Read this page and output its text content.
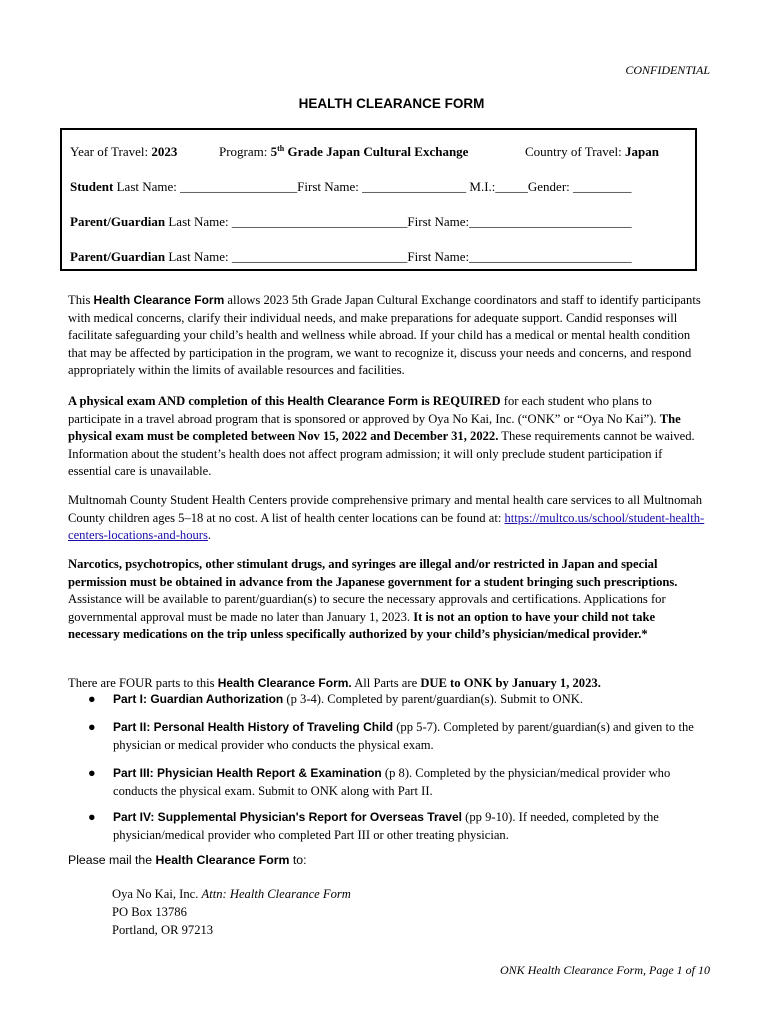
CONFIDENTIAL
HEALTH CLEARANCE FORM

Year of Travel: 2023

	Program: 5th Grade Japan Cultural Exchange

	Country of Travel: Japan

Student Last Name: __________________First Name: ________________ M.I.:_____Gender: _________
Parent/Guardian Last Name: ___________________________First Name:_________________________
Parent/Guardian Last Name: ___________________________First Name:_________________________
This Health Clearance Form allows 2023 5th Grade Japan Cultural Exchange coordinators and staff to identify participants with medical concerns, clarify their individual needs, and make preparations for adequate support. Candid responses will facilitate safeguarding your child’s health and wellness while abroad. If your child has a medical or mental health condition that may be affected by participation in the program, we want to recognize it, discuss your needs and concerns, and respond appropriately within the limits of available resources and facilities.
A physical exam AND completion of this Health Clearance Form is REQUIRED for each student who plans to participate in a travel abroad program that is sponsored or approved by Oya No Kai, Inc. (“ONK” or “Oya No Kai”). The physical exam must be completed between Nov 15, 2022 and December 31, 2022. These requirements cannot be waived. Information about the student’s health does not affect program admission; it will only preclude student participation if essential care is unavailable.
Multnomah County Student Health Centers provide comprehensive primary and mental health care services to all Multnomah County children ages 5–18 at no cost. A list of health center locations can be found at: https://multco.us/school/student-health-centers-locations-and-hours.
Narcotics, psychotropics, other stimulant drugs, and syringes are illegal and/or restricted in Japan and special permission must be obtained in advance from the Japanese government for a student bringing such prescriptions. Assistance will be available to parent/guardian(s) to secure the necessary approvals and certifications. Applications for governmental approval must be made no later than January 1, 2023. It is not an option to have your child not take necessary medications on the trip unless specifically authorized by your child’s physician/medical provider.*
There are FOUR parts to this Health Clearance Form. All Parts are DUE to ONK by January 1, 2023.
● Part I: Guardian Authorization (p 3-4). Completed by parent/guardian(s). Submit to ONK.
● Part II: Personal Health History of Traveling Child (pp 5-7). Completed by parent/guardian(s) and given to the physician or medical provider who conducts the physical exam.
● Part III: Physician Health Report & Examination (p 8). Completed by the physician/medical provider who conducts the physical exam. Submit to ONK along with Part II.
● Part IV: Supplemental Physician's Report for Overseas Travel (pp 9-10). If needed, completed by the physician/medical provider who completed Part III or other treating physician.
Please mail the Health Clearance Form to:
Oya No Kai, Inc. Attn: Health Clearance Form
PO Box 13786
Portland, OR 97213
ONK Health Clearance Form, Page 1 of 10
